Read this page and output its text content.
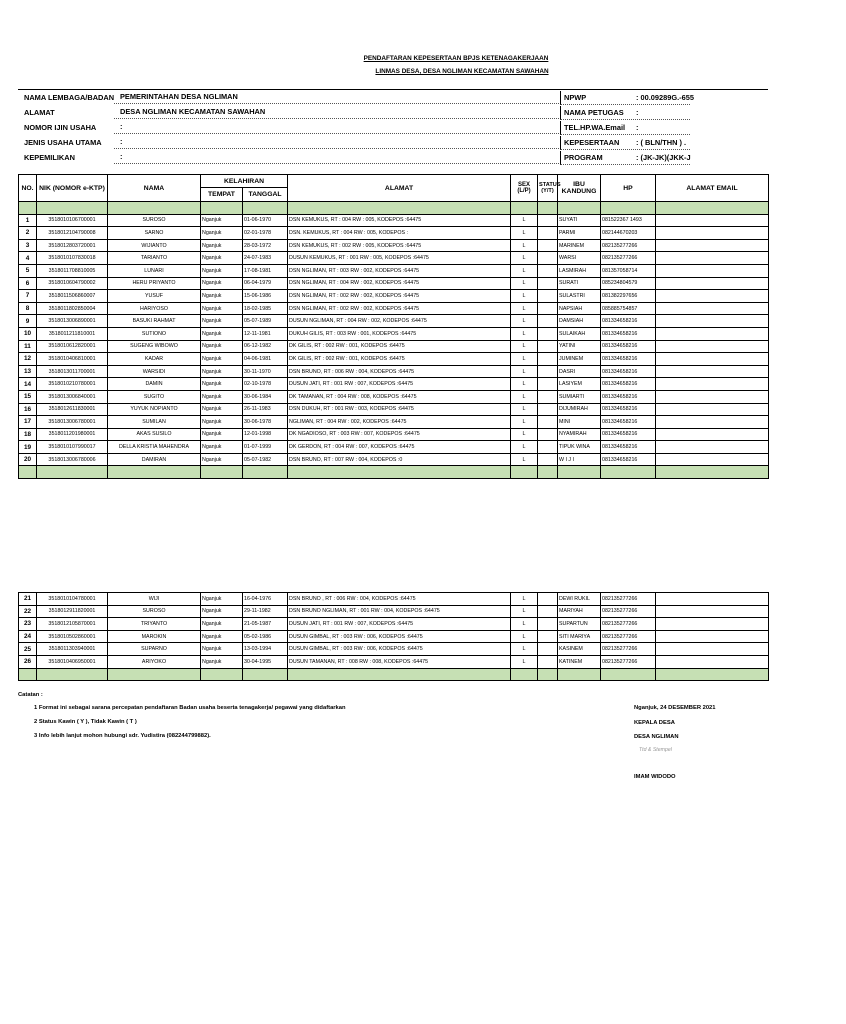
PENDAFTARAN KEPESERTAAN BPJS KETENAGAKERJAAN
LINMAS DESA, DESA NGLIMAN KECAMATAN SAWAHAN
NAMA LEMBAGA/BADAN PEMERINTAHAN DESA NGLIMAN	NPWP	: 00.09289G.-655
ALAMAT	DESA NGLIMAN KECAMATAN SAWAHAN	NAMA PETUGAS	:
NOMOR IJIN USAHA	:	TEL.HP.WA.Email	:
JENIS USAHA UTAMA	:	KEPESERTAAN	: ( BLN/THN ) .
KEPEMILIKAN	:	PROGRAM	: (JK-JK)(JKK-J
NO.	NIK (NOMOR e-KTP)	NAMA	KELAHIRAN		ALAMAT	SEX (L/P)	STATUS (Y/T)	IBU KANDUNG	HP	ALAMAT EMAIL
			TEMPAT	TANGGAL						

1	3518010106700001	SUROSO	Nganjuk	01-06-1970	DSN KEMUKUS, RT : 004 RW : 005, KODEPOS :64475	L		SUYATI	081522367 1493	
2	3518012104790008	SARNO	Nganjuk	02-01-1978	DSN. KEMUKUS, RT : 004 RW : 005, KODEPOS :	L		PARMI	082144670203	
3	3518012803720001	WIJIANTO	Nganjuk	28-03-1972	DSN KEMUKUS, RT : 002 RW : 005, KODEPOS :64475	L		MARINEM	082135277266	
4	3518010107830018	TARIANTO	Nganjuk	24-07-1983	DUSUN KEMUKUS, RT : 001 RW : 005, KODEPOS :64475	L		WARSI	082135277266	
5	3518011708810005	LUNARI	Nganjuk	17-08-1981	DSN NGLIMAN, RT : 003 RW : 002, KODEPOS :64475	L		LASMIRAH	081357058714	
6	3518010604790002	HERU PRIYANTO	Nganjuk	06-04-1979	DSN NGLIMAN, RT : 004 RW : 002, KODEPOS :64475	L		SURATI	085234804579	
7	3518011506860007	YUSUF	Nganjuk	15-06-1986	DSN NGLIMAN, RT : 002 RW : 002, KODEPOS :64475	L		SULASTRI	081382297656	
8	3518011802850004	HARIYOSO	Nganjuk	18-02-1985	DSN NGLIMAN, RT : 002 RW : 002, KODEPOS :64475	L		NAPSIAH	085885754857	
9	3518013006890001	BASUKI RAHMAT	Nganjuk	05-07-1989	DUSUN NGLIMAN, RT : 004 RW : 002, KODEPOS :64475	L		DAMSIAH	081334658216	
10	3518011211810001	SUTIONO	Nganjuk	12-11-1981	DUKUH GILIS, RT : 003 RW : 001, KODEPOS :64475	L		SULAIKAH	081334658216	
11	3518010612820001	SUGENG WIBOWO	Nganjuk	06-12-1982	DK GILIS, RT : 002 RW : 001, KODEPOS :64475	L		YATINI	081334658216	
12	3518010406810001	KADAR	Nganjuk	04-06-1981	DK GILIS, RT : 002 RW : 001, KODEPOS :64475	L		JUMINEM	081334658216	
13	3518013011700001	WARSIDI	Nganjuk	30-11-1970	DSN BRUNO, RT : 006 RW : 004, KODEPOS :64475	L		DASRI	081334658216	
14	3518010210780001	DAMIN	Nganjuk	02-10-1978	DUSUN JATI, RT : 001 RW : 007, KODEPOS :64475	L		LASIYEM	081334658216	
15	3518013006840001	SUGITO	Nganjuk	30-06-1984	DK TAMANAN, RT : 004 RW : 008, KODEPOS :64475	L		SUMIARTI	081334658216	
16	3518012611830001	YUYUK NOPIANTO	Nganjuk	26-11-1983	DSN DUKUH, RT : 001 RW : 003, KODEPOS :64475	L		DIJUMIRAH	081334658216	
17	3518013006780001	SUMILAN	Nganjuk	30-06-1978	NGLIMAN, RT : 004 RW : 002, KODEPOS :64475	L		MINI	081334658216	
18	3518011201980001	AKAS SUSILO	Nganjuk	12-01-1998	DK NGADIOSO, RT : 003 RW : 007, KODEPOS :64475	L		NYAMIRAH	081334658216	
19	3518010107990017	DELLA KRISTIA MAHENDRA	Nganjuk	01-07-1999	DK GERDON, RT : 004 RW : 007, KODEPOS :64475	L		TIPUK WINA	081334658216	
20	3518013006780006	DAMIRAN	Nganjuk	05-07-1982	DSN BRUNO, RT : 007 RW : 004, KODEPOS :0	L		W I J I	081334658216	

21	3518010104780001	WIJI	Nganjuk	16-04-1976	DSN BRUNO , RT : 006 RW : 004, KODEPOS :64475	L		DEWI RUKIL	082135277266	
22	3518012911820001	SUROSO	Nganjuk	29-11-1982	DSN BRUNO NGLIMAN, RT : 001 RW : 004, KODEPOS :64475	L		MARIYAH	082135277266	
23	3518012105870001	TRIYANTO	Nganjuk	21-05-1987	DUSUN JATI, RT : 001 RW : 007, KODEPOS :64475	L		SUPARTUN	082135277266	
24	3518010502860001	MAROKIN	Nganjuk	05-02-1986	DUSUN GIMBAL, RT : 003 RW : 006, KODEPOS :64475	L		SITI MARIYA	082135277266	
25	3518011303940001	SUPARNO	Nganjuk	13-03-1994	DUSUN GIMBAL, RT : 003 RW : 006, KODEPOS :64475	L		KASINEM	082135277266	
26	3518010406950001	ARIYOKO	Nganjuk	30-04-1995	DUSUN TAMANAN, RT : 008 RW : 008, KODEPOS :64475	L		KATINEM	082135277266	

Catatan :
1 Format ini sebagai sarana percepatan pendaftaran Badan usaha beserta tenagakerja/ pegawai yang didaftarkan
2 Status Kawin ( Y ), Tidak Kawin ( T )
3 Info lebih lanjut mohon hubungi sdr. Yudistira (082244799882).
Nganjuk, 24 DESEMBER 2021
KEPALA DESA
DESA NGLIMAN
Ttd & Stempel
IMAM WIDODO
